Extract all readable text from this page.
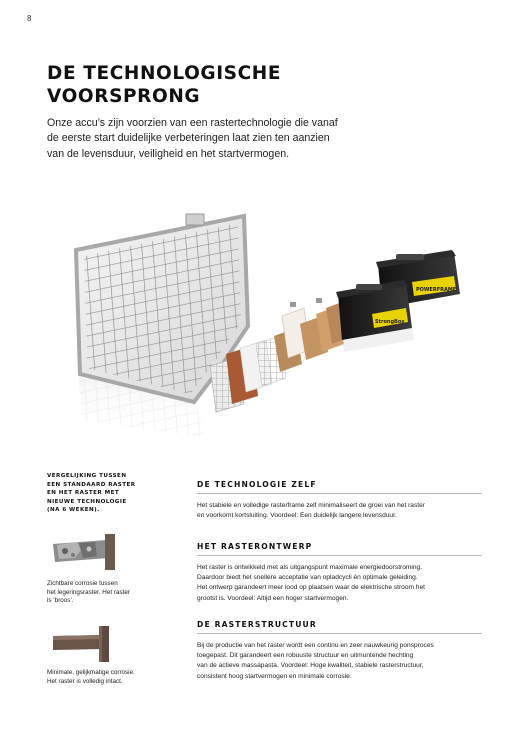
8
DE TECHNOLOGISCHE
VOORSPRONG

Onze accu’s zijn voorzien van een rastertechnologie die vanaf
de eerste start duidelijke verbeteringen laat zien ten aanzien
van de levensduur, veiligheid en het startvermogen.

POWERFRAME
StrongBox
VERGELIJKING TUSSEN
EEN STANDAARD RASTER
EN HET RASTER MET
NIEUWE TECHNOLOGIE
(NA 6 WEKEN).
Zichtbare corrosie tussen
het legeringsraster. Het raster
is ‘broos’.
Minimale, gelijkmatige corrosie.
Het raster is volledig intact.
DE TECHNOLOGIE ZELF

Het stabiele en volledige rasterframe zelf minimaliseert de groei van het raster
en voorkomt kortsluiting. Voordeel: Een duidelijk langere levensduur.

HET RASTERONTWERP

Het raster is ontwikkeld met als uitgangspunt maximale energiedoorstroming.
Daardoor biedt het snellere acceptatie van opladcycli én optimale geleiding.
Het ontwerp garandeert meer lood op plaatsen waar de elektrische stroom het
grootst is. Voordeel: Altijd een hoger startvermogen.

DE RASTERSTRUCTUUR

Bij de productie van het raster wordt een continu en zeer nauwkeurig ponsproces
toegepast. Dit garandeert een robuuste structuur en uitmuntende hechting
van de actieve massapasta. Voordeel: Hoge kwaliteit, stabiele rasterstructuur,
consistent hoog startvermogen en minimale corrosie.
